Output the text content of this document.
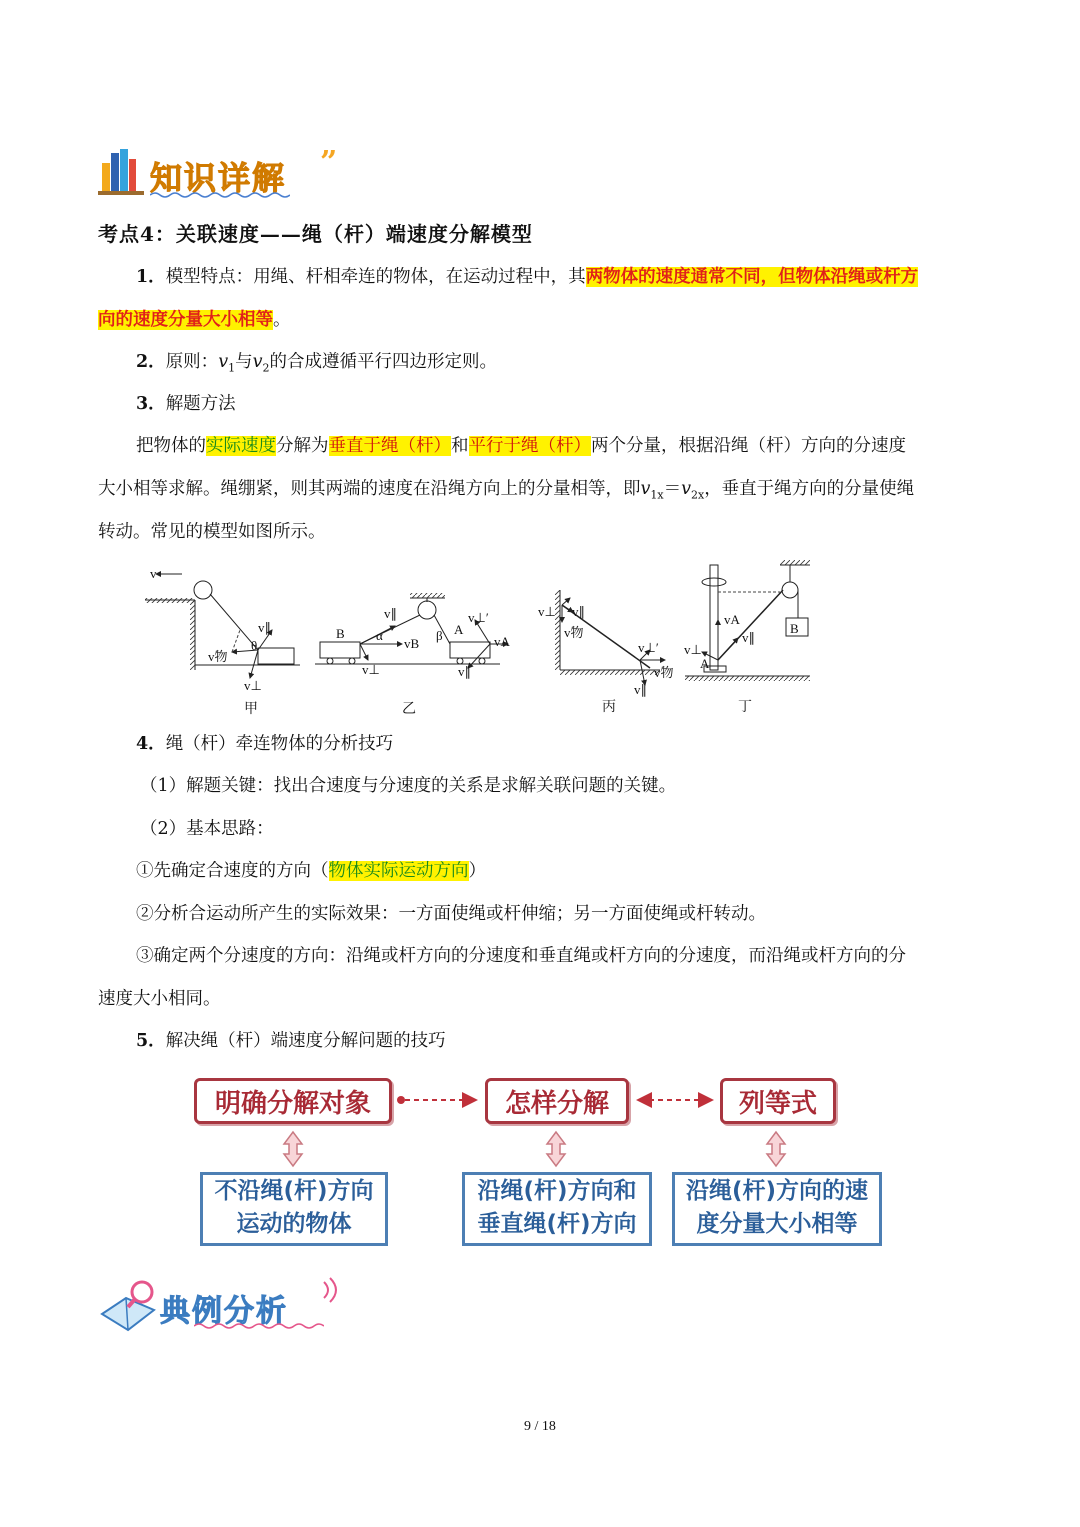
知识详解 ”
考点4：关联速度——绳（杆）端速度分解模型
1．模型特点：用绳、杆相牵连的物体，在运动过程中，其两物体的速度通常不同，但物体沿绳或杆方
向的速度分量大小相等。
2．原则：$v_1$与$v_2$的合成遵循平行四边形定则。
3．解题方法
把物体的实际速度分解为垂直于绳（杆）和平行于绳（杆）两个分量，根据沿绳（杆）方向的分速度
大小相等求解。绳绷紧，则其两端的速度在沿绳方向上的分量相等，即$v_{1x}=v_{2x}$，垂直于绳方向的分量使绳
转动。常见的模型如图所示。
v
v∥
v物
θ
v⊥
B	A
α	β
v∥
vB
v⊥
v⊥′
vA
v∥
v⊥ v∥
v物
v⊥′
v物
v∥
B
A
vA
v⊥
v∥
甲	乙	丙	丁
4．绳（杆）牵连物体的分析技巧
（1）解题关键：找出合速度与分速度的关系是求解关联问题的关键。
（2）基本思路：
①先确定合速度的方向（物体实际运动方向）
②分析合运动所产生的实际效果：一方面使绳或杆伸缩；另一方面使绳或杆转动。
③确定两个分速度的方向：沿绳或杆方向的分速度和垂直绳或杆方向的分速度，而沿绳或杆方向的分
速度大小相同。
5．解决绳（杆）端速度分解问题的技巧
明确分解对象	怎样分解	列等式
不沿绳(杆)方向
运动的物体
沿绳(杆)方向和
垂直绳(杆)方向
沿绳(杆)方向的速
度分量大小相等
典例分析
9 / 18
